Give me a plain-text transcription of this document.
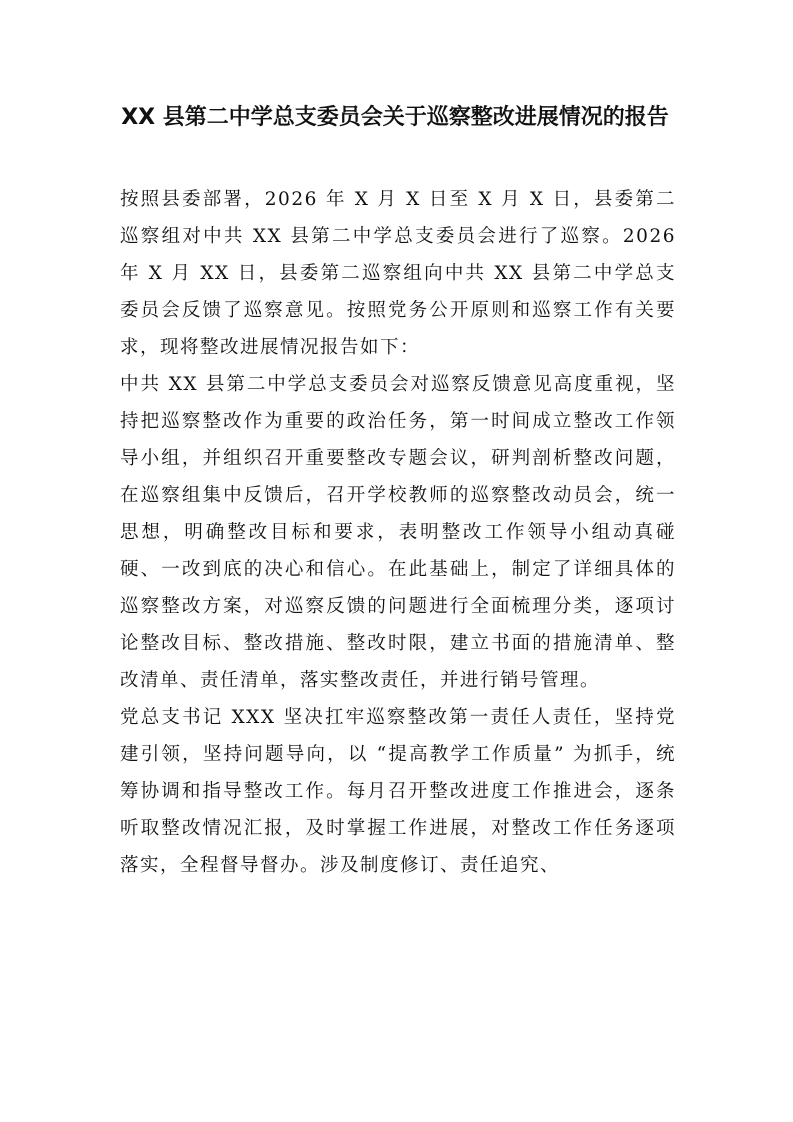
XX 县第二中学总支委员会关于巡察整改进展情况的报告

按照县委部署，2026 年 X 月 X 日至 X 月 X 日，县委第二巡察组对中共 XX 县第二中学总支委员会进行了巡察。2026 年 X 月 XX 日，县委第二巡察组向中共 XX 县第二中学总支委员会反馈了巡察意见。按照党务公开原则和巡察工作有关要求，现将整改进展情况报告如下：

中共 XX 县第二中学总支委员会对巡察反馈意见高度重视，坚持把巡察整改作为重要的政治任务，第一时间成立整改工作领导小组，并组织召开重要整改专题会议，研判剖析整改问题，在巡察组集中反馈后，召开学校教师的巡察整改动员会，统一思想，明确整改目标和要求，表明整改工作领导小组动真碰硬、一改到底的决心和信心。在此基础上，制定了详细具体的巡察整改方案，对巡察反馈的问题进行全面梳理分类，逐项讨论整改目标、整改措施、整改时限，建立书面的措施清单、整改清单、责任清单，落实整改责任，并进行销号管理。

党总支书记 XXX 坚决扛牢巡察整改第一责任人责任，坚持党建引领，坚持问题导向，以 “提高教学工作质量” 为抓手，统筹协调和指导整改工作。每月召开整改进度工作推进会，逐条听取整改情况汇报，及时掌握工作进展，对整改工作任务逐项落实，全程督导督办。涉及制度修订、责任追究、
